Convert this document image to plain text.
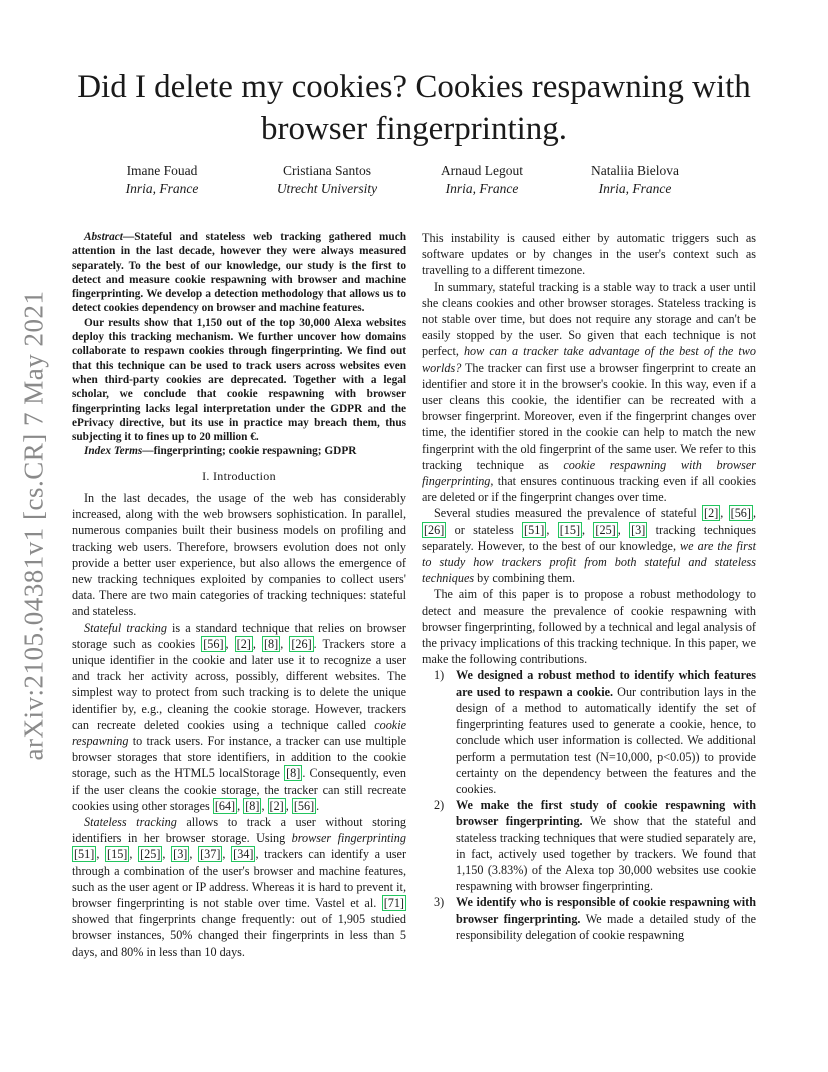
arXiv:2105.04381v1 [cs.CR] 7 May 2021
Did I delete my cookies? Cookies respawning with browser fingerprinting.
Imane Fouad
Inria, France
Cristiana Santos
Utrecht University
Arnaud Legout
Inria, France
Nataliia Bielova
Inria, France

Abstract—Stateful and stateless web tracking gathered much attention in the last decade, however they were always measured separately. To the best of our knowledge, our study is the first to detect and measure cookie respawning with browser and machine fingerprinting. We develop a detection methodology that allows us to detect cookies dependency on browser and machine features.

Our results show that 1,150 out of the top 30,000 Alexa websites deploy this tracking mechanism. We further uncover how domains collaborate to respawn cookies through fingerprinting. We find out that this technique can be used to track users across websites even when third-party cookies are deprecated. Together with a legal scholar, we conclude that cookie respawning with browser fingerprinting lacks legal interpretation under the GDPR and the ePrivacy directive, but its use in practice may breach them, thus subjecting it to fines up to 20 million €.

Index Terms—fingerprinting; cookie respawning; GDPR

I. Introduction

In the last decades, the usage of the web has considerably increased, along with the web browsers sophistication. In parallel, numerous companies built their business models on profiling and tracking web users. Therefore, browsers evolution does not only provide a better user experience, but also allows the emergence of new tracking techniques exploited by companies to collect users' data. There are two main categories of tracking techniques: stateful and stateless.

Stateful tracking is a standard technique that relies on browser storage such as cookies [56] , [2] , [8] , [26] . Trackers store a unique identifier in the cookie and later use it to recognize a user and track her activity across, possibly, different websites. The simplest way to protect from such tracking is to delete the unique identifier by, e.g., cleaning the cookie storage. However, trackers can recreate deleted cookies using a technique called cookie respawning to track users. For instance, a tracker can use multiple browser storages that store identifiers, in addition to the cookie storage, such as the HTML5 localStorage [8] . Consequently, even if the user cleans the cookie storage, the tracker can still recreate cookies using other storages [64] , [8] , [2] , [56] .

Stateless tracking allows to track a user without storing identifiers in her browser storage. Using browser fingerprinting [51] , [15] , [25] , [3] , [37] , [34] , trackers can identify a user through a combination of the user's browser and machine features, such as the user agent or IP address. Whereas it is hard to prevent it, browser fingerprinting is not stable over time. Vastel et al. [71] showed that fingerprints change frequently: out of 1,905 studied browser instances, 50% changed their fingerprints in less than 5 days, and 80% in less than 10 days.

This instability is caused either by automatic triggers such as software updates or by changes in the user's context such as travelling to a different timezone.

In summary, stateful tracking is a stable way to track a user until she cleans cookies and other browser storages. Stateless tracking is not stable over time, but does not require any storage and can't be easily stopped by the user. So given that each technique is not perfect, how can a tracker take advantage of the best of the two worlds? The tracker can first use a browser fingerprint to create an identifier and store it in the browser's cookie. In this way, even if a user cleans this cookie, the identifier can be recreated with a browser fingerprint. Moreover, even if the fingerprint changes over time, the identifier stored in the cookie can help to match the new fingerprint with the old fingerprint of the same user. We refer to this tracking technique as cookie respawning with browser fingerprinting, that ensures continuous tracking even if all cookies are deleted or if the fingerprint changes over time.

Several studies measured the prevalence of stateful [2] , [56] , [26] or stateless [51] , [15] , [25] , [3] tracking techniques separately. However, to the best of our knowledge, we are the first to study how trackers profit from both stateful and stateless techniques by combining them.

The aim of this paper is to propose a robust methodology to detect and measure the prevalence of cookie respawning with browser fingerprinting, followed by a technical and legal analysis of the privacy implications of this tracking technique. In this paper, we make the following contributions.

1) We designed a robust method to identify which features are used to respawn a cookie. Our contribution lays in the design of a method to automatically identify the set of fingerprinting features used to generate a cookie, hence, to conclude which user information is collected. We additional perform a permutation test (N=10,000, p<0.05)) to provide certainty on the dependency between the features and the cookies.
2) We make the first study of cookie respawning with browser fingerprinting. We show that the stateful and stateless tracking techniques that were studied separately are, in fact, actively used together by trackers. We found that 1,150 (3.83%) of the Alexa top 30,000 websites use cookie respawning with browser fingerprinting.
3) We identify who is responsible of cookie respawning with browser fingerprinting. We made a detailed study of the responsibility delegation of cookie respawning
